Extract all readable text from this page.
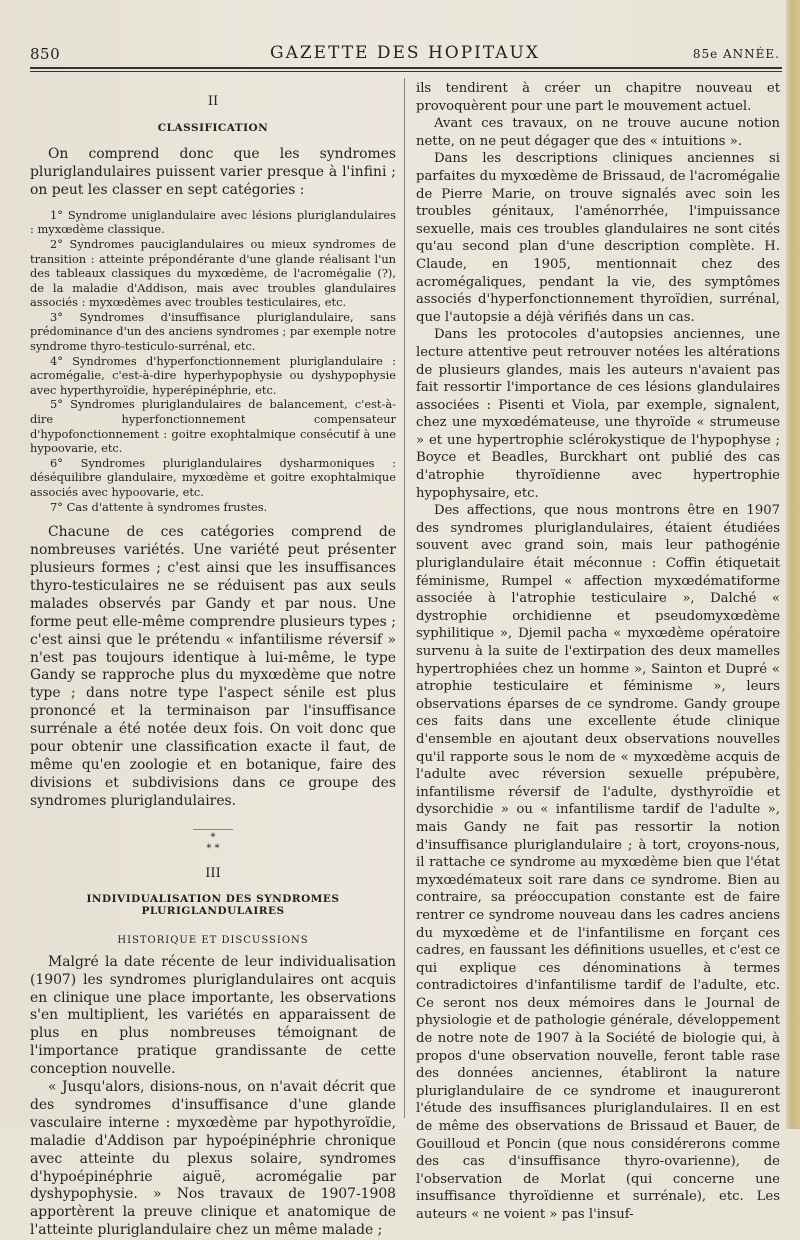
850	GAZETTE DES HOPITAUX	85e ANNÉE.

II

CLASSIFICATION

On comprend donc que les syndromes pluriglandulaires puissent varier presque à l'infini ; on peut les classer en sept catégories :

1° Syndrome uniglandulaire avec lésions pluriglandulaires : myxœdème classique.

2° Syndromes pauciglandulaires ou mieux syndromes de transition : atteinte prépondérante d'une glande réalisant l'un des tableaux classiques du myxœdème, de l'acromégalie (?), de la maladie d'Addison, mais avec troubles glandulaires associés : myxœdèmes avec troubles testiculaires, etc.

3° Syndromes d'insuffisance pluriglandulaire, sans prédominance d'un des anciens syndromes ; par exemple notre syndrome thyro-testiculo-surrénal, etc.

4° Syndromes d'hyperfonctionnement pluriglandulaire : acromégalie, c'est-à-dire hyperhypophysie ou dyshypophysie avec hyperthyroïdie, hyperépinéphrie, etc.

5° Syndromes pluriglandulaires de balancement, c'est-à-dire hyperfonctionnement compensateur d'hypofonctionnement : goitre exophtalmique consécutif à une hypoovarie, etc.

6° Syndromes pluriglandulaires dysharmoniques : déséquilibre glandulaire, myxœdème et goitre exophtalmique associés avec hypoovarie, etc.

7° Cas d'attente à syndromes frustes.

Chacune de ces catégories comprend de nombreuses variétés. Une variété peut présenter plusieurs formes ; c'est ainsi que les insuffisances thyro-testiculaires ne se réduisent pas aux seuls malades observés par Gandy et par nous. Une forme peut elle-même comprendre plusieurs types ; c'est ainsi que le prétendu « infantilisme réversif » n'est pas toujours identique à lui-même, le type Gandy se rapproche plus du myxœdème que notre type ; dans notre type l'aspect sénile est plus prononcé et la terminaison par l'insuffisance surrénale a été notée deux fois. On voit donc que pour obtenir une classification exacte il faut, de même qu'en zoologie et en botanique, faire des divisions et subdivisions dans ce groupe des syndromes pluriglandulaires.

*

* *

III

INDIVIDUALISATION DES SYNDROMES

PLURIGLANDULAIRES

HISTORIQUE ET DISCUSSIONS

Malgré la date récente de leur individualisation (1907) les syndromes pluriglandulaires ont acquis en clinique une place importante, les observations s'en multiplient, les variétés en apparaissent de plus en plus nombreuses témoignant de l'importance pratique grandissante de cette conception nouvelle.

« Jusqu'alors, disions-nous, on n'avait décrit que des syndromes d'insuffisance d'une glande vasculaire interne : myxœdème par hypothyroïdie, maladie d'Addison par hypoépinéphrie chronique avec atteinte du plexus solaire, syndromes d'hypoépinéphrie aiguë, acromégalie par dyshypophysie. » Nos travaux de 1907-1908 apportèrent la preuve clinique et anatomique de l'atteinte pluriglandulaire chez un même malade ;

ils tendirent à créer un chapitre nouveau et provoquèrent pour une part le mouvement actuel.

Avant ces travaux, on ne trouve aucune notion nette, on ne peut dégager que des « intuitions ».

Dans les descriptions cliniques anciennes si parfaites du myxœdème de Brissaud, de l'acromégalie de Pierre Marie, on trouve signalés avec soin les troubles génitaux, l'aménorrhée, l'impuissance sexuelle, mais ces troubles glandulaires ne sont cités qu'au second plan d'une description complète. H. Claude, en 1905, mentionnait chez des acromégaliques, pendant la vie, des symptômes associés d'hyperfonctionnement thyroïdien, surrénal, que l'autopsie a déjà vérifiés dans un cas.

Dans les protocoles d'autopsies anciennes, une lecture attentive peut retrouver notées les altérations de plusieurs glandes, mais les auteurs n'avaient pas fait ressortir l'importance de ces lésions glandulaires associées : Pisenti et Viola, par exemple, signalent, chez une myxœdémateuse, une thyroïde « strumeuse » et une hypertrophie sclérokystique de l'hypophyse ; Boyce et Beadles, Burckhart ont publié des cas d'atrophie thyroïdienne avec hypertrophie hypophysaire, etc.

Des affections, que nous montrons être en 1907 des syndromes pluriglandulaires, étaient étudiées souvent avec grand soin, mais leur pathogénie pluriglandulaire était méconnue : Coffin étiquetait féminisme, Rumpel « affection myxœdématiforme associée à l'atrophie testiculaire », Dalché « dystrophie orchidienne et pseudomyxœdème syphilitique », Djemil pacha « myxœdème opératoire survenu à la suite de l'extirpation des deux mamelles hypertrophiées chez un homme », Sainton et Dupré « atrophie testiculaire et féminisme », leurs observations éparses de ce syndrome. Gandy groupe ces faits dans une excellente étude clinique d'ensemble en ajoutant deux observations nouvelles qu'il rapporte sous le nom de « myxœdème acquis de l'adulte avec réversion sexuelle prépubère, infantilisme réversif de l'adulte, dysthyroïdie et dysorchidie » ou « infantilisme tardif de l'adulte », mais Gandy ne fait pas ressortir la notion d'insuffisance pluriglandulaire ; à tort, croyons-nous, il rattache ce syndrome au myxœdème bien que l'état myxœdémateux soit rare dans ce syndrome. Bien au contraire, sa préoccupation constante est de faire rentrer ce syndrome nouveau dans les cadres anciens du myxœdème et de l'infantilisme en forçant ces cadres, en faussant les définitions usuelles, et c'est ce qui explique ces dénominations à termes contradictoires d'infantilisme tardif de l'adulte, etc. Ce seront nos deux mémoires dans le Journal de physiologie et de pathologie générale, développement de notre note de 1907 à la Société de biologie qui, à propos d'une observation nouvelle, feront table rase des données anciennes, établiront la nature pluriglandulaire de ce syndrome et inaugureront l'étude des insuffisances pluriglandulaires. Il en est de même des observations de Brissaud et Bauer, de Gouilloud et Poncin (que nous considérerons comme des cas d'insuffisance thyro-ovarienne), de l'observation de Morlat (qui concerne une insuffisance thyroïdienne et surrénale), etc. Les auteurs « ne voient » pas l'insuf-
